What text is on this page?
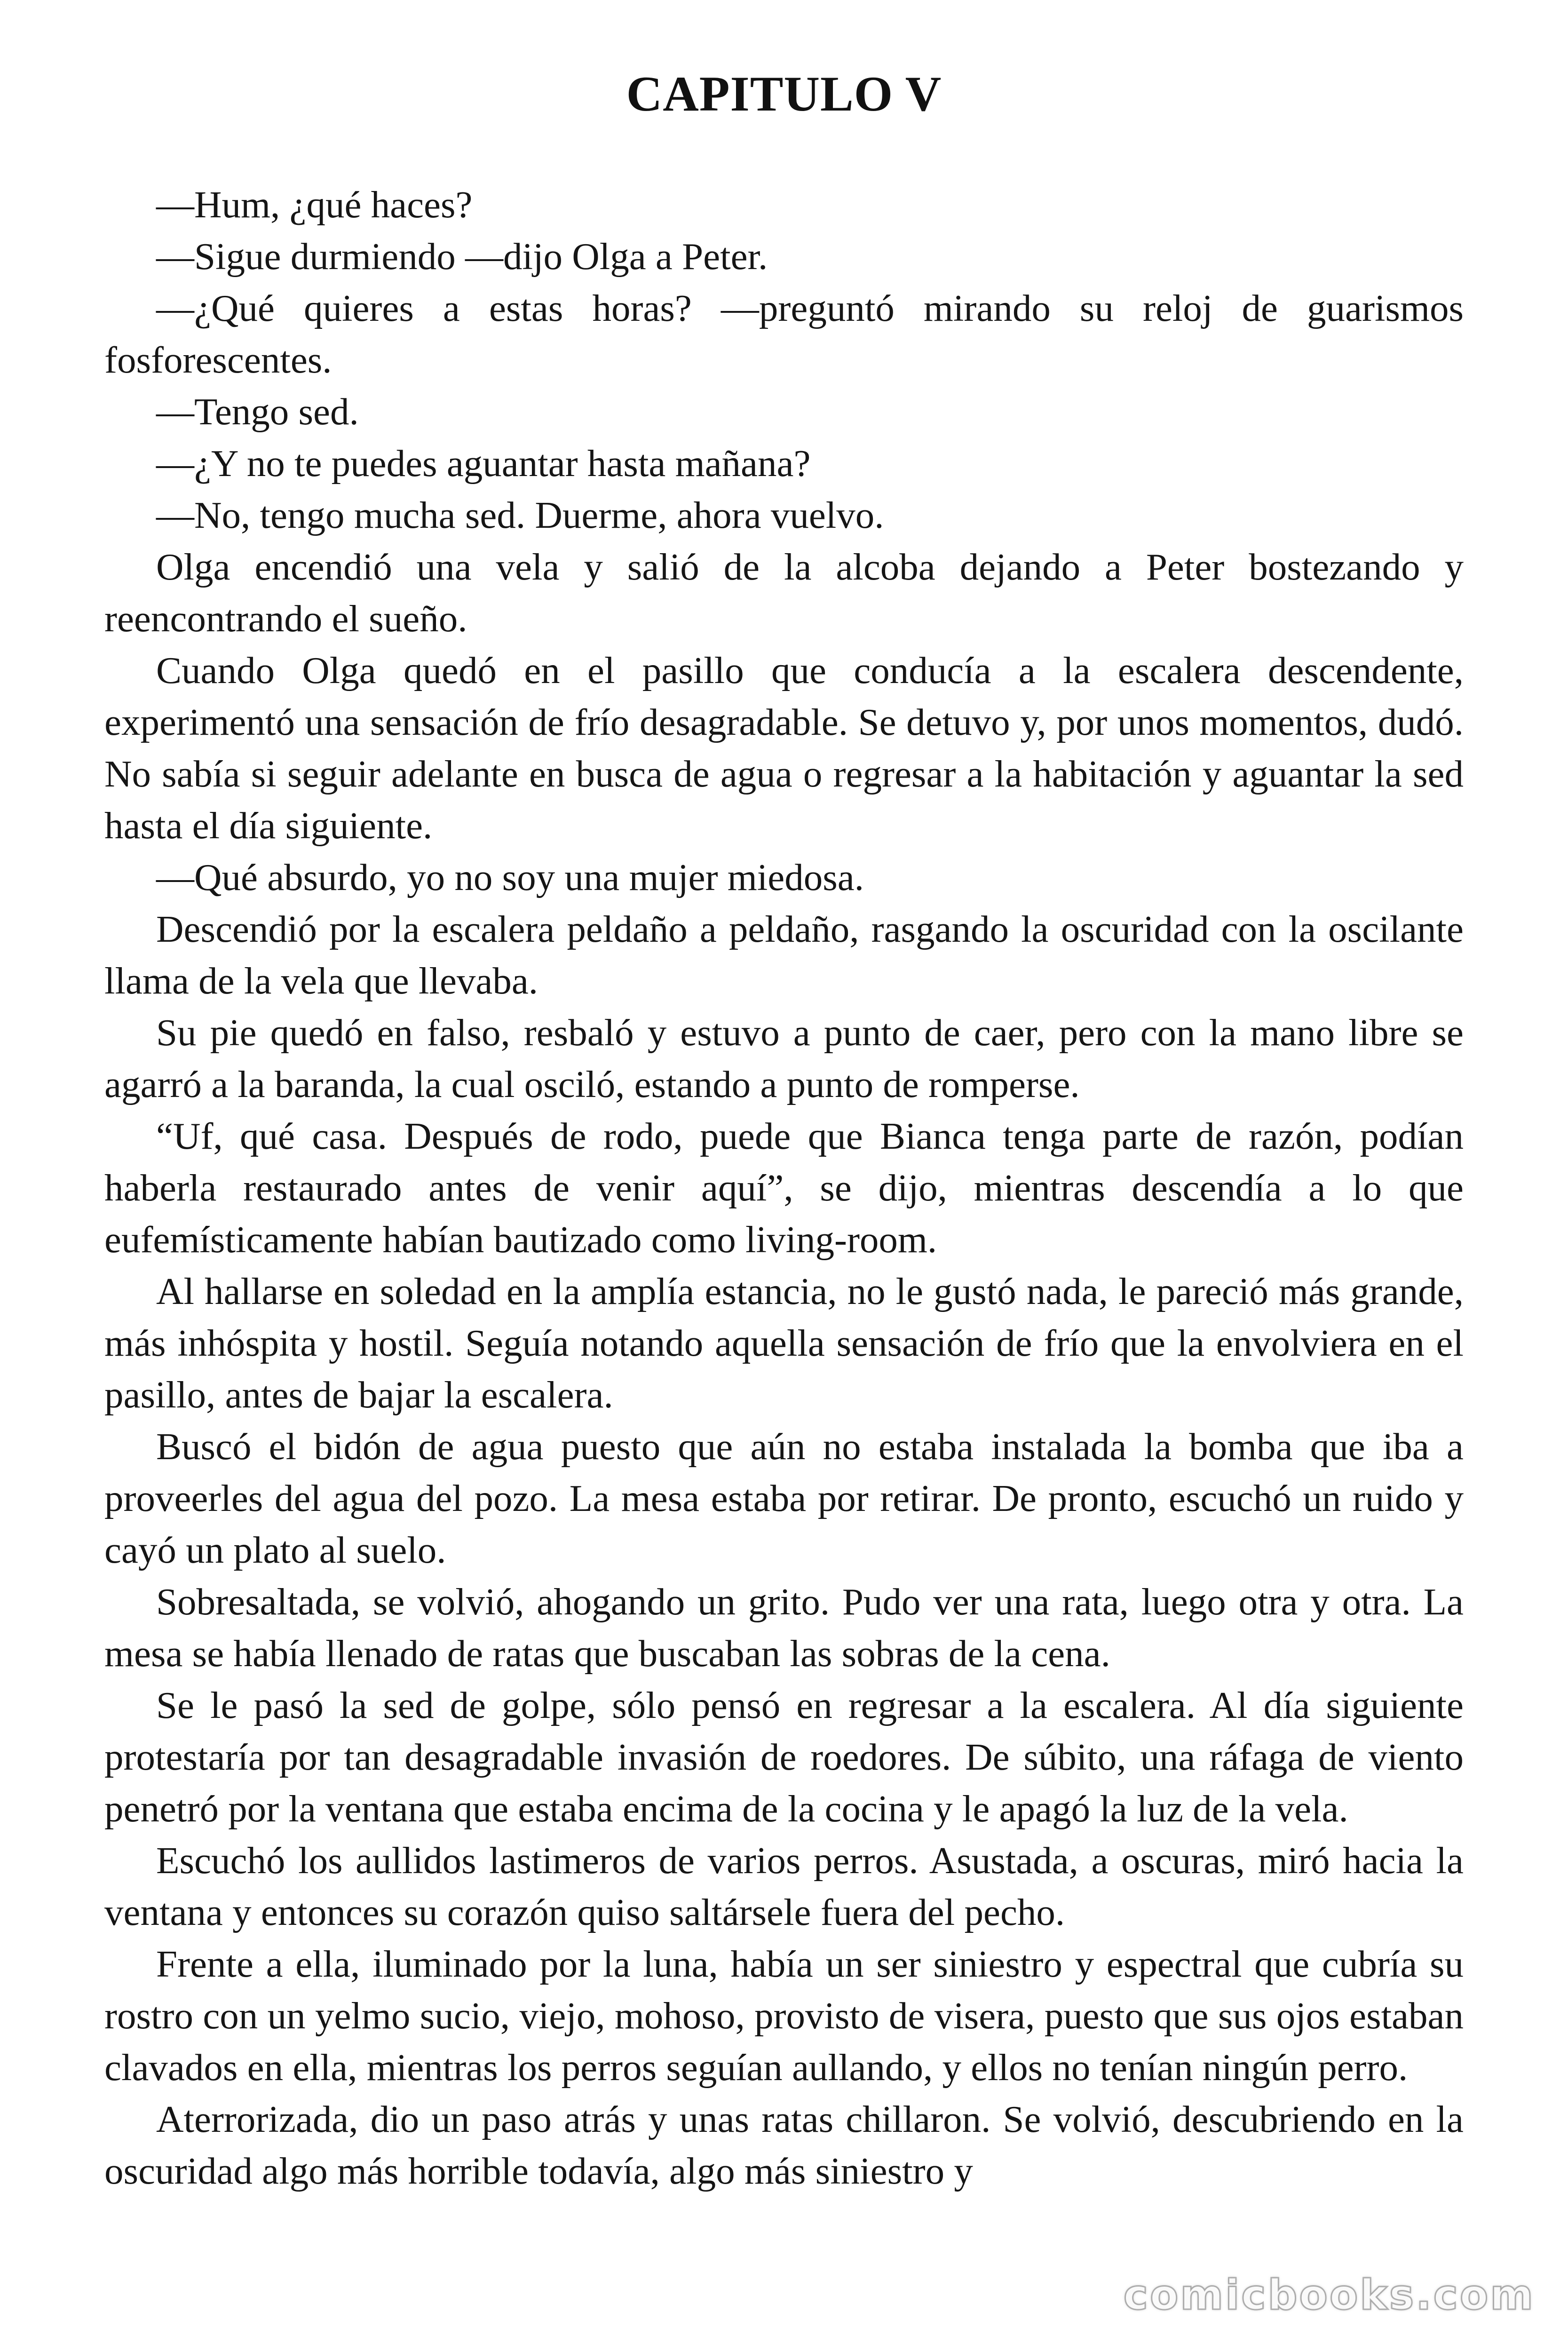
CAPITULO V

—Hum, ¿qué haces?

—Sigue durmiendo —dijo Olga a Peter.

—¿Qué quieres a estas horas? —preguntó mirando su reloj de guarismos fosforescentes.

—Tengo sed.

—¿Y no te puedes aguantar hasta mañana?

—No, tengo mucha sed. Duerme, ahora vuelvo.

Olga encendió una vela y salió de la alcoba dejando a Peter bostezando y reencontrando el sueño.

Cuando Olga quedó en el pasillo que conducía a la escalera descendente, experimentó una sensación de frío desagradable. Se detuvo y, por unos momentos, dudó. No sabía si seguir adelante en busca de agua o regresar a la habitación y aguantar la sed hasta el día siguiente.

—Qué absurdo, yo no soy una mujer miedosa.

Descendió por la escalera peldaño a peldaño, rasgando la oscuridad con la oscilante llama de la vela que llevaba.

Su pie quedó en falso, resbaló y estuvo a punto de caer, pero con la mano libre se agarró a la baranda, la cual osciló, estando a punto de romperse.

“Uf, qué casa. Después de rodo, puede que Bianca tenga parte de razón, podían haberla restaurado antes de venir aquí”, se dijo, mientras descendía a lo que eufemísticamente habían bautizado como living-room.

Al hallarse en soledad en la amplía estancia, no le gustó nada, le pareció más grande, más inhóspita y hostil. Seguía notando aquella sensación de frío que la envolviera en el pasillo, antes de bajar la escalera.

Buscó el bidón de agua puesto que aún no estaba instalada la bomba que iba a proveerles del agua del pozo. La mesa estaba por retirar. De pronto, escuchó un ruido y cayó un plato al suelo.

Sobresaltada, se volvió, ahogando un grito. Pudo ver una rata, luego otra y otra. La mesa se había llenado de ratas que buscaban las sobras de la cena.

Se le pasó la sed de golpe, sólo pensó en regresar a la escalera. Al día siguiente protestaría por tan desagradable invasión de roedores. De súbito, una ráfaga de viento penetró por la ventana que estaba encima de la cocina y le apagó la luz de la vela.

Escuchó los aullidos lastimeros de varios perros. Asustada, a oscuras, miró hacia la ventana y entonces su corazón quiso saltársele fuera del pecho.

Frente a ella, iluminado por la luna, había un ser siniestro y espectral que cubría su rostro con un yelmo sucio, viejo, mohoso, provisto de visera, puesto que sus ojos estaban clavados en ella, mientras los perros seguían aullando, y ellos no tenían ningún perro.

Aterrorizada, dio un paso atrás y unas ratas chillaron. Se volvió, descubriendo en la oscuridad algo más horrible todavía, algo más siniestro y

comicbooks.com
